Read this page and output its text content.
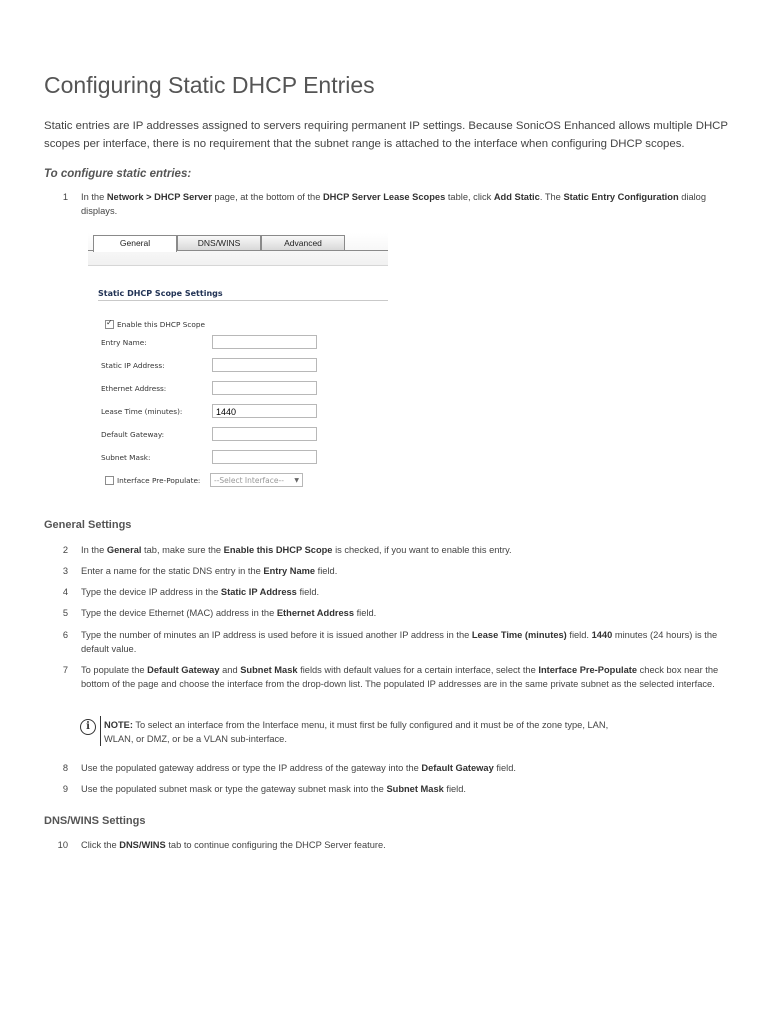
Configuring Static DHCP Entries

Static entries are IP addresses assigned to servers requiring permanent IP settings. Because SonicOS Enhanced allows multiple DHCP scopes per interface, there is no requirement that the subnet range is attached to the interface when configuring DHCP scopes.

To configure static entries:

1 In the Network > DHCP Server page, at the bottom of the DHCP Server Lease Scopes table, click Add Static. The Static Entry Configuration dialog displays.
General	DNS/WINS	Advanced
Static DHCP Scope Settings
✓
Enable this DHCP Scope
Entry Name:
Static IP Address:
Ethernet Address:
Lease Time (minutes):	1440
Default Gateway:
Subnet Mask:
Interface Pre-Populate:	--Select Interface-- ▼

General Settings

2 In the General tab, make sure the Enable this DHCP Scope is checked, if you want to enable this entry.
3 Enter a name for the static DNS entry in the Entry Name field.
4 Type the device IP address in the Static IP Address field.
5 Type the device Ethernet (MAC) address in the Ethernet Address field.
6 Type the number of minutes an IP address is used before it is issued another IP address in the Lease Time (minutes) field. 1440 minutes (24 hours) is the default value.
7 To populate the Default Gateway and Subnet Mask fields with default values for a certain interface, select the Interface Pre-Populate check box near the bottom of the page and choose the interface from the drop-down list. The populated IP addresses are in the same private subnet as the selected interface.
i	NOTE: To select an interface from the Interface menu, it must first be fully configured and it must be of the zone type, LAN, WLAN, or DMZ, or be a VLAN sub-interface.
8 Use the populated gateway address or type the IP address of the gateway into the Default Gateway field.
9 Use the populated subnet mask or type the gateway subnet mask into the Subnet Mask field.

DNS/WINS Settings

10 Click the DNS/WINS tab to continue configuring the DHCP Server feature.
